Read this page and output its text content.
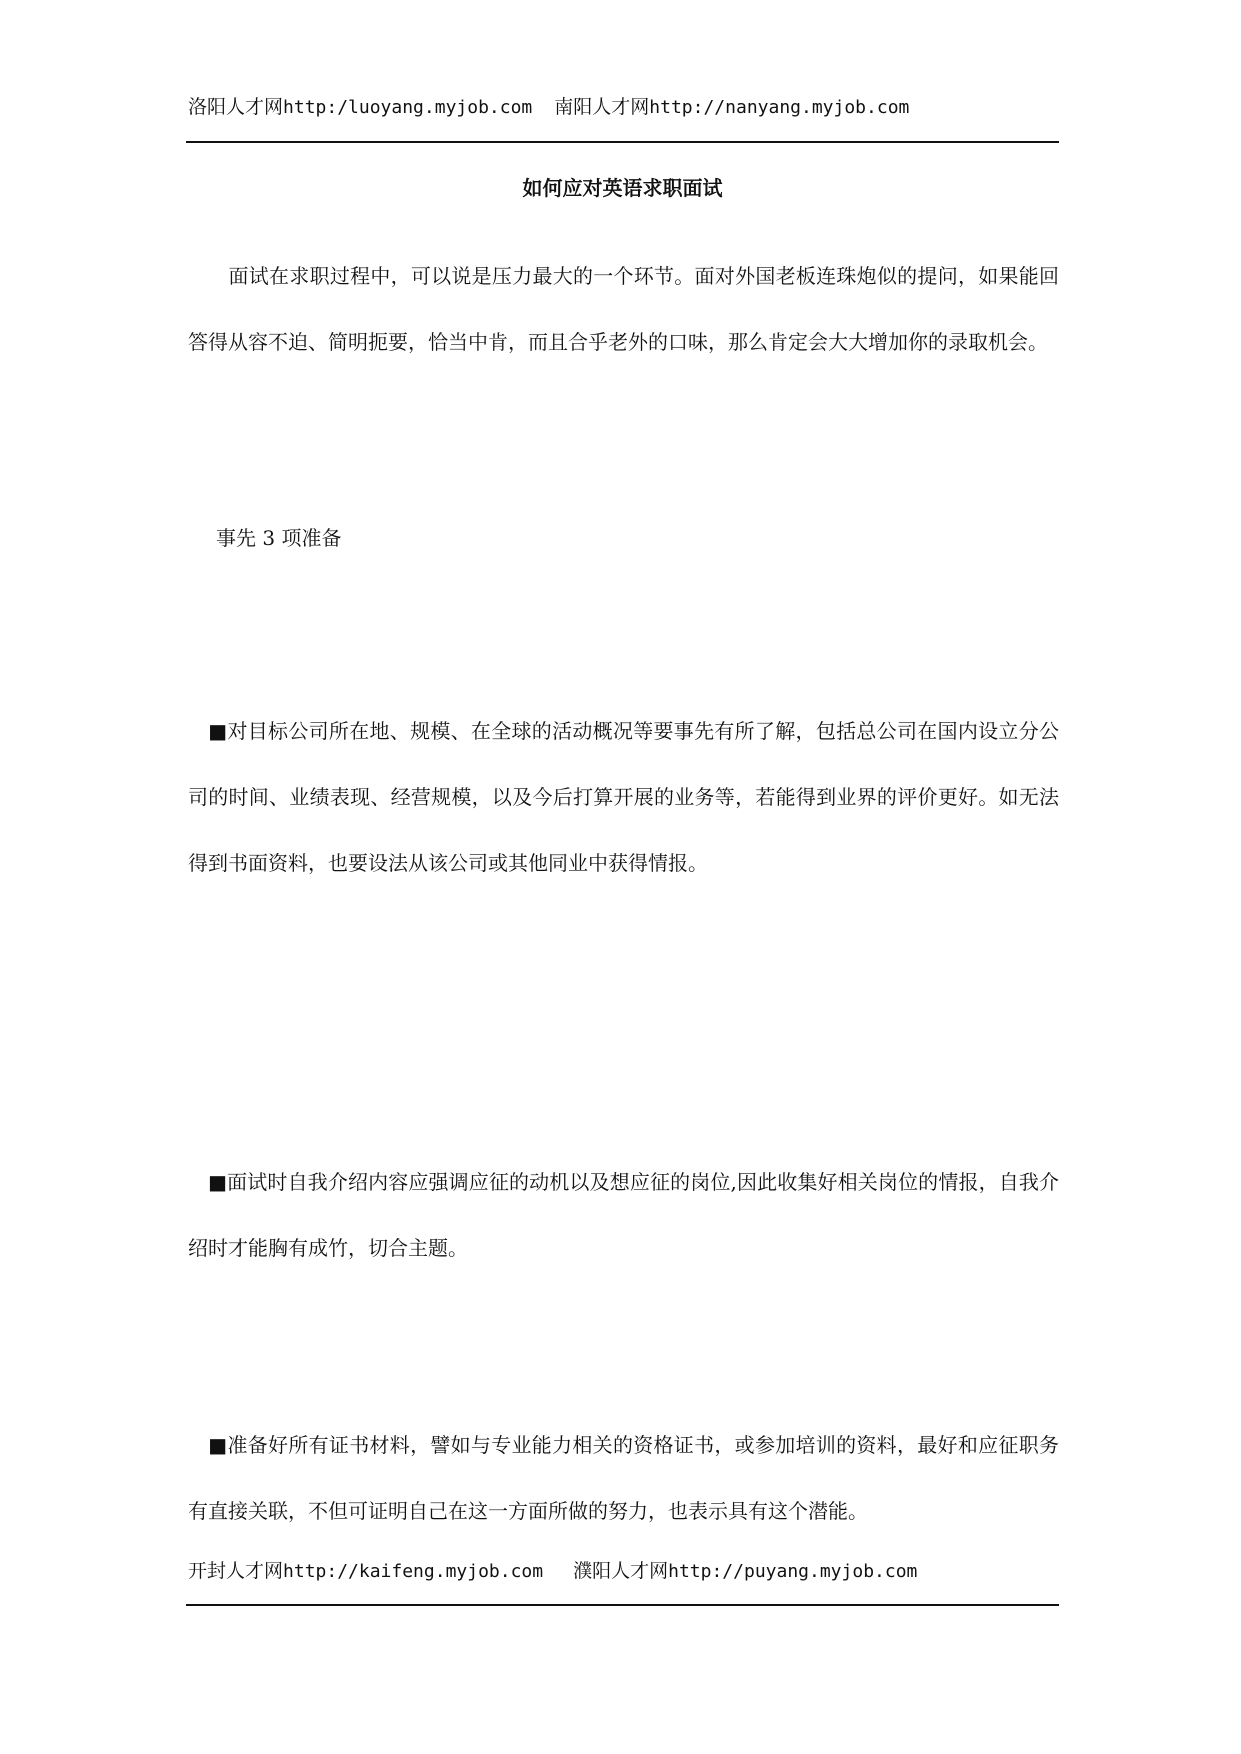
洛阳人才网http:/luoyang.myjob.com 南阳人才网http://nanyang.myjob.com
如何应对英语求职面试
　　面试在求职过程中，可以说是压力最大的一个环节。面对外国老板连珠炮似的提问，如果能回答得从容不迫、简明扼要，恰当中肯，而且合乎老外的口味，那么肯定会大大增加你的录取机会。
事先 3 项准备
　■对目标公司所在地、规模、在全球的活动概况等要事先有所了解，包括总公司在国内设立分公司的时间、业绩表现、经营规模，以及今后打算开展的业务等，若能得到业界的评价更好。如无法得到书面资料，也要设法从该公司或其他同业中获得情报。
　■面试时自我介绍内容应强调应征的动机以及想应征的岗位,因此收集好相关岗位的情报，自我介绍时才能胸有成竹，切合主题。
　■准备好所有证书材料，譬如与专业能力相关的资格证书，或参加培训的资料，最好和应征职务有直接关联，不但可证明自己在这一方面所做的努力，也表示具有这个潜能。
开封人才网http://kaifeng.myjob.com 濮阳人才网http://puyang.myjob.com
